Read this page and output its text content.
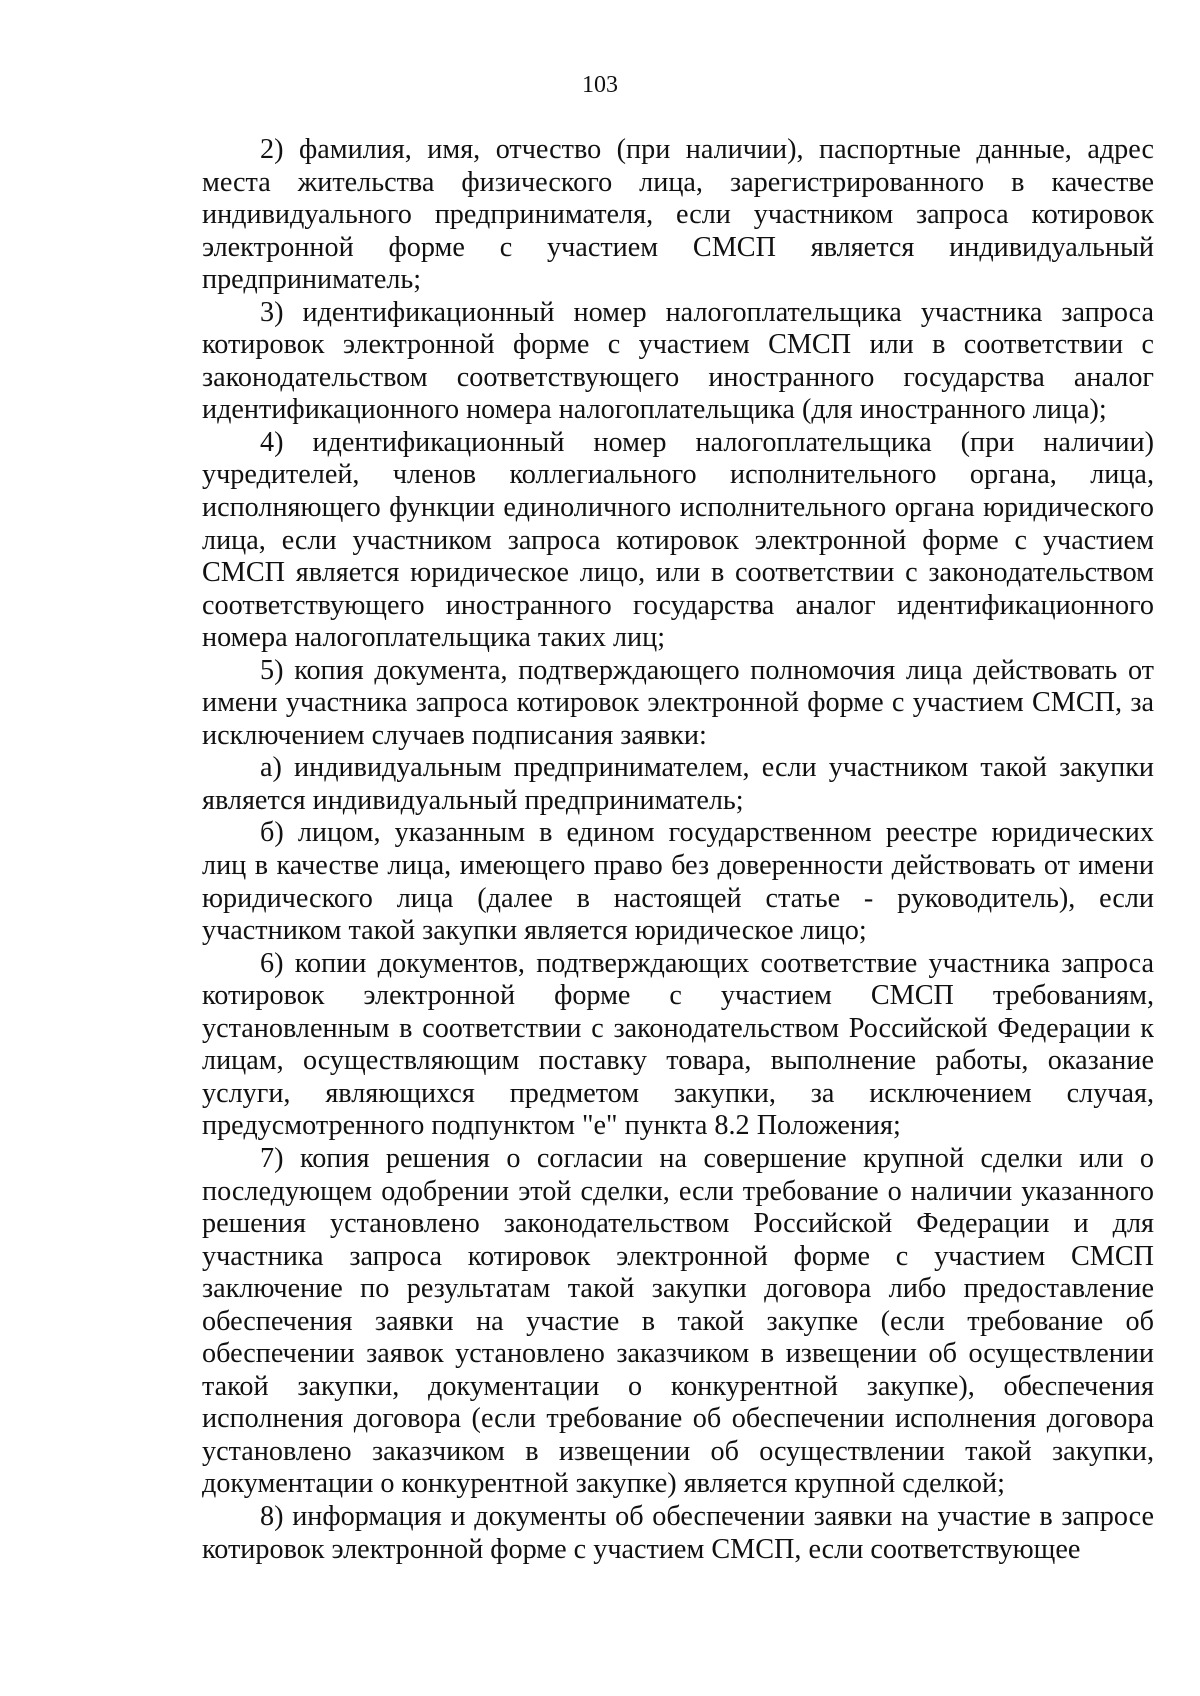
103

2) фамилия, имя, отчество (при наличии), паспортные данные, адрес места жительства физического лица, зарегистрированного в качестве индивидуального предпринимателя, если участником запроса котировок электронной форме с участием СМСП является индивидуальный предприниматель;

3) идентификационный номер налогоплательщика участника запроса котировок электронной форме с участием СМСП или в соответствии с законодательством соответствующего иностранного государства аналог идентификационного номера налогоплательщика (для иностранного лица);

4) идентификационный номер налогоплательщика (при наличии) учредителей, членов коллегиального исполнительного органа, лица, исполняющего функции единоличного исполнительного органа юридического лица, если участником запроса котировок электронной форме с участием СМСП является юридическое лицо, или в соответствии с законодательством соответствующего иностранного государства аналог идентификационного номера налогоплательщика таких лиц;

5) копия документа, подтверждающего полномочия лица действовать от имени участника запроса котировок электронной форме с участием СМСП, за исключением случаев подписания заявки:

а) индивидуальным предпринимателем, если участником такой закупки является индивидуальный предприниматель;

б) лицом, указанным в едином государственном реестре юридических лиц в качестве лица, имеющего право без доверенности действовать от имени юридического лица (далее в настоящей статье - руководитель), если участником такой закупки является юридическое лицо;

6) копии документов, подтверждающих соответствие участника запроса котировок электронной форме с участием СМСП требованиям, установленным в соответствии с законодательством Российской Федерации к лицам, осуществляющим поставку товара, выполнение работы, оказание услуги, являющихся предметом закупки, за исключением случая, предусмотренного подпунктом "е" пункта 8.2 Положения;

7) копия решения о согласии на совершение крупной сделки или о последующем одобрении этой сделки, если требование о наличии указанного решения установлено законодательством Российской Федерации и для участника запроса котировок электронной форме с участием СМСП заключение по результатам такой закупки договора либо предоставление обеспечения заявки на участие в такой закупке (если требование об обеспечении заявок установлено заказчиком в извещении об осуществлении такой закупки, документации о конкурентной закупке), обеспечения исполнения договора (если требование об обеспечении исполнения договора установлено заказчиком в извещении об осуществлении такой закупки, документации о конкурентной закупке) является крупной сделкой;

8) информация и документы об обеспечении заявки на участие в запросе котировок электронной форме с участием СМСП, если соответствующее
